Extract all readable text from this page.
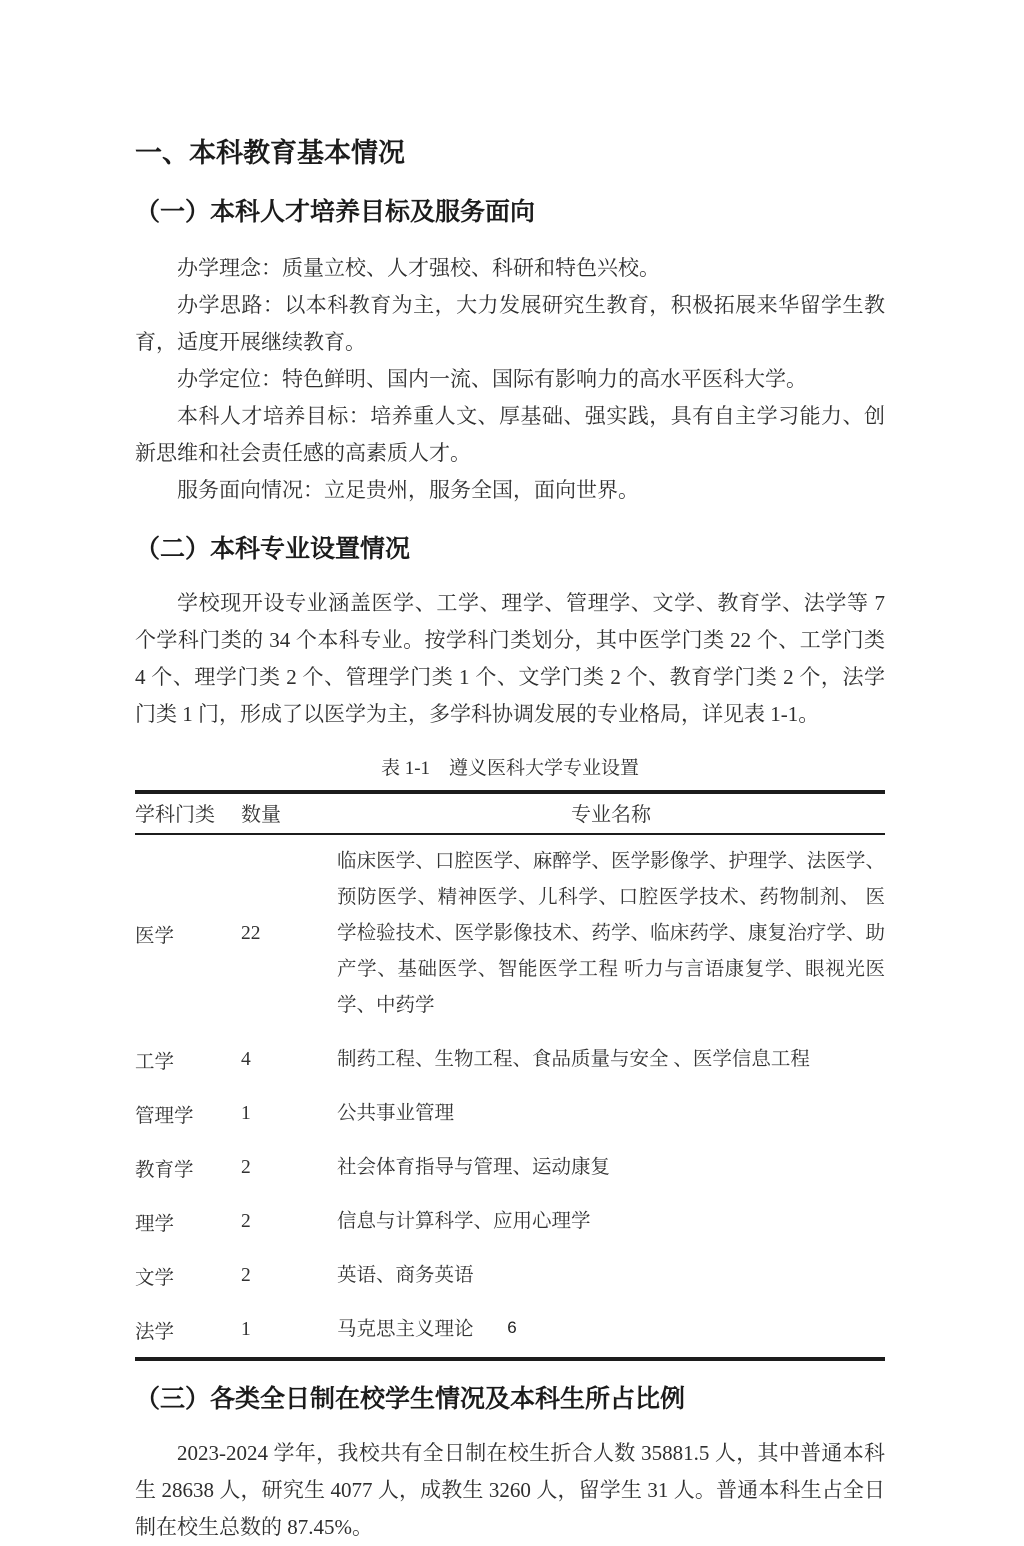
一、本科教育基本情况
（一）本科人才培养目标及服务面向

办学理念：质量立校、人才强校、科研和特色兴校。

办学思路：以本科教育为主，大力发展研究生教育，积极拓展来华留学生教育，适度开展继续教育。

办学定位：特色鲜明、国内一流、国际有影响力的高水平医科大学。

本科人才培养目标：培养重人文、厚基础、强实践，具有自主学习能力、创新思维和社会责任感的高素质人才。

服务面向情况：立足贵州，服务全国，面向世界。

（二）本科专业设置情况

学校现开设专业涵盖医学、工学、理学、管理学、文学、教育学、法学等 7 个学科门类的 34 个本科专业。按学科门类划分，其中医学门类 22 个、工学门类 4 个、理学门类 2 个、管理学门类 1 个、文学门类 2 个、教育学门类 2 个，法学门类 1 门，形成了以医学为主，多学科协调发展的专业格局，详见表 1-1。

表 1-1　遵义医科大学专业设置
学科门类	数量	专业名称
医学	22	临床医学、口腔医学、麻醉学、医学影像学、护理学、法医学、预防医学、精神医学、儿科学、口腔医学技术、药物制剂、 医学检验技术、医学影像技术、药学、临床药学、康复治疗学、助产学、基础医学、智能医学工程 听力与言语康复学、眼视光医学、中药学
工学	4	制药工程、生物工程、食品质量与安全 、医学信息工程
管理学	1	公共事业管理
教育学	2	社会体育指导与管理、运动康复
理学	2	信息与计算科学、应用心理学
文学	2	英语、商务英语
法学	1	马克思主义理论
（三）各类全日制在校学生情况及本科生所占比例

2023-2024 学年，我校共有全日制在校生折合人数 35881.5 人，其中普通本科生 28638 人，研究生 4077 人，成教生 3260 人，留学生 31 人。普通本科生占全日制在校生总数的 87.45%。

6
